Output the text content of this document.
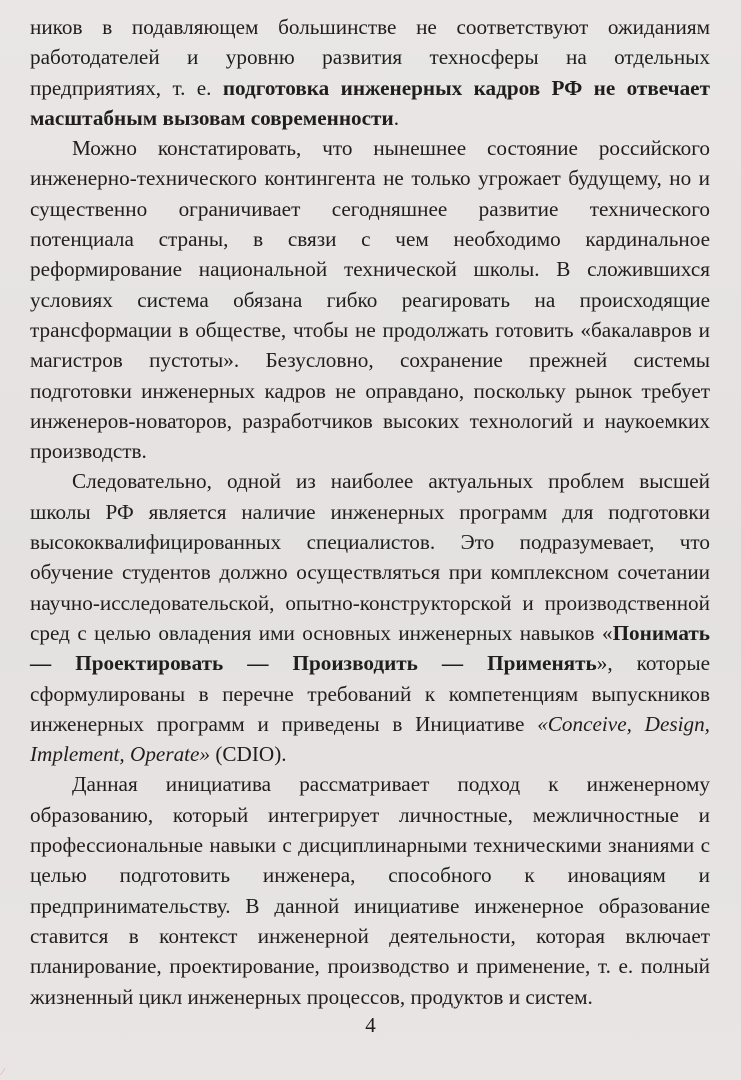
ников в подавляющем большинстве не соответствуют ожиданиям работодателей и уровню развития техносферы на отдельных предприятиях, т. е. подготовка инженерных кадров РФ не отвечает масштабным вызовам современности.

Можно констатировать, что нынешнее состояние российского инженерно-технического контингента не только угрожает будущему, но и существенно ограничивает сегодняшнее развитие технического потенциала страны, в связи с чем необходимо кардинальное реформирование национальной технической школы. В сложившихся условиях система обязана гибко реагировать на происходящие трансформации в обществе, чтобы не продолжать готовить «бакалавров и магистров пустоты». Безусловно, сохранение прежней системы подготовки инженерных кадров не оправдано, поскольку рынок требует инженеров-новаторов, разработчиков высоких технологий и наукоемких производств.

Следовательно, одной из наиболее актуальных проблем высшей школы РФ является наличие инженерных программ для подготовки высококвалифицированных специалистов. Это подразумевает, что обучение студентов должно осуществляться при комплексном сочетании научно-исследовательской, опытно-конструкторской и производственной сред с целью овладения ими основных инженерных навыков «Понимать — Проектировать — Производить — Применять», которые сформулированы в перечне требований к компетенциям выпускников инженерных программ и приведены в Инициативе «Conceive, Design, Implement, Operate» (CDIO).

Данная инициатива рассматривает подход к инженерному образованию, который интегрирует личностные, межличностные и профессиональные навыки с дисциплинарными техническими знаниями с целью подготовить инженера, способного к иновациям и предпринимательству. В данной инициативе инженерное образование ставится в контекст инженерной деятельности, которая включает планирование, проектирование, производство и применение, т. е. полный жизненный цикл инженерных процессов, продуктов и систем.

4
⁄
